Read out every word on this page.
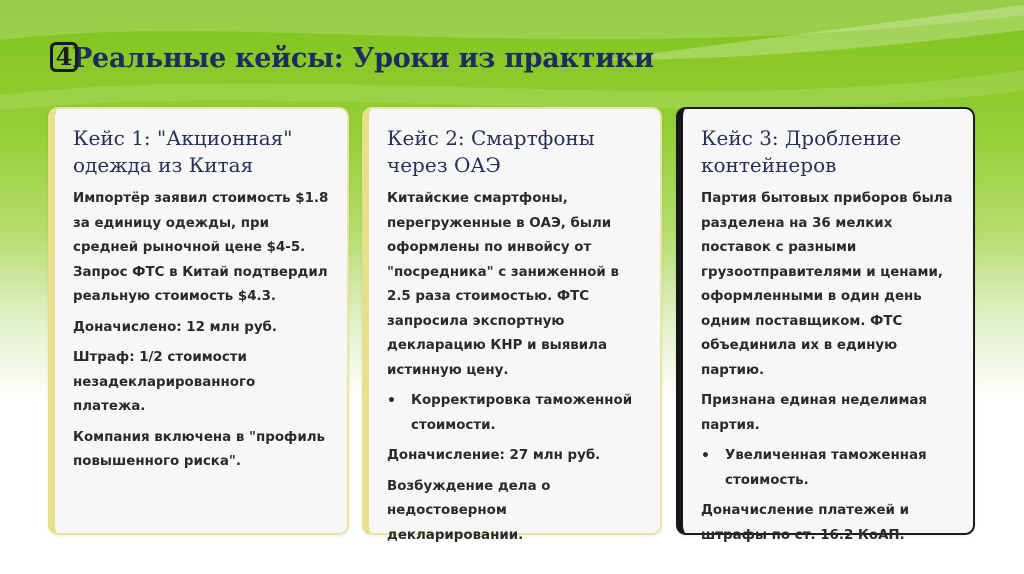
4 Реальные кейсы: Уроки из практики
Кейс 1: "Акционная" одежда из Китая
Импортёр заявил стоимость $1.8 за единицу одежды, при средней рыночной цене $4-5. Запрос ФТС в Китай подтвердил реальную стоимость $4.3.
Доначислено: 12 млн руб.
Штраф: 1/2 стоимости незадекларированного платежа.
Компания включена в "профиль повышенного риска".
Кейс 2: Смартфоны через ОАЭ
Китайские смартфоны, перегруженные в ОАЭ, были оформлены по инвойсу от "посредника" с заниженной в 2.5 раза стоимостью. ФТС запросила экспортную декларацию КНР и выявила истинную цену.
•	Корректировка таможенной стоимости.
Доначисление: 27 млн руб.
Возбуждение дела о недостоверном декларировании.
Кейс 3: Дробление контейнеров
Партия бытовых приборов была разделена на 36 мелких поставок с разными грузоотправителями и ценами, оформленными в один день одним поставщиком. ФТС объединила их в единую партию.
Признана единая неделимая партия.
•	Увеличенная таможенная стоимость.
Доначисление платежей и штрафы по ст. 16.2 КоАП.
